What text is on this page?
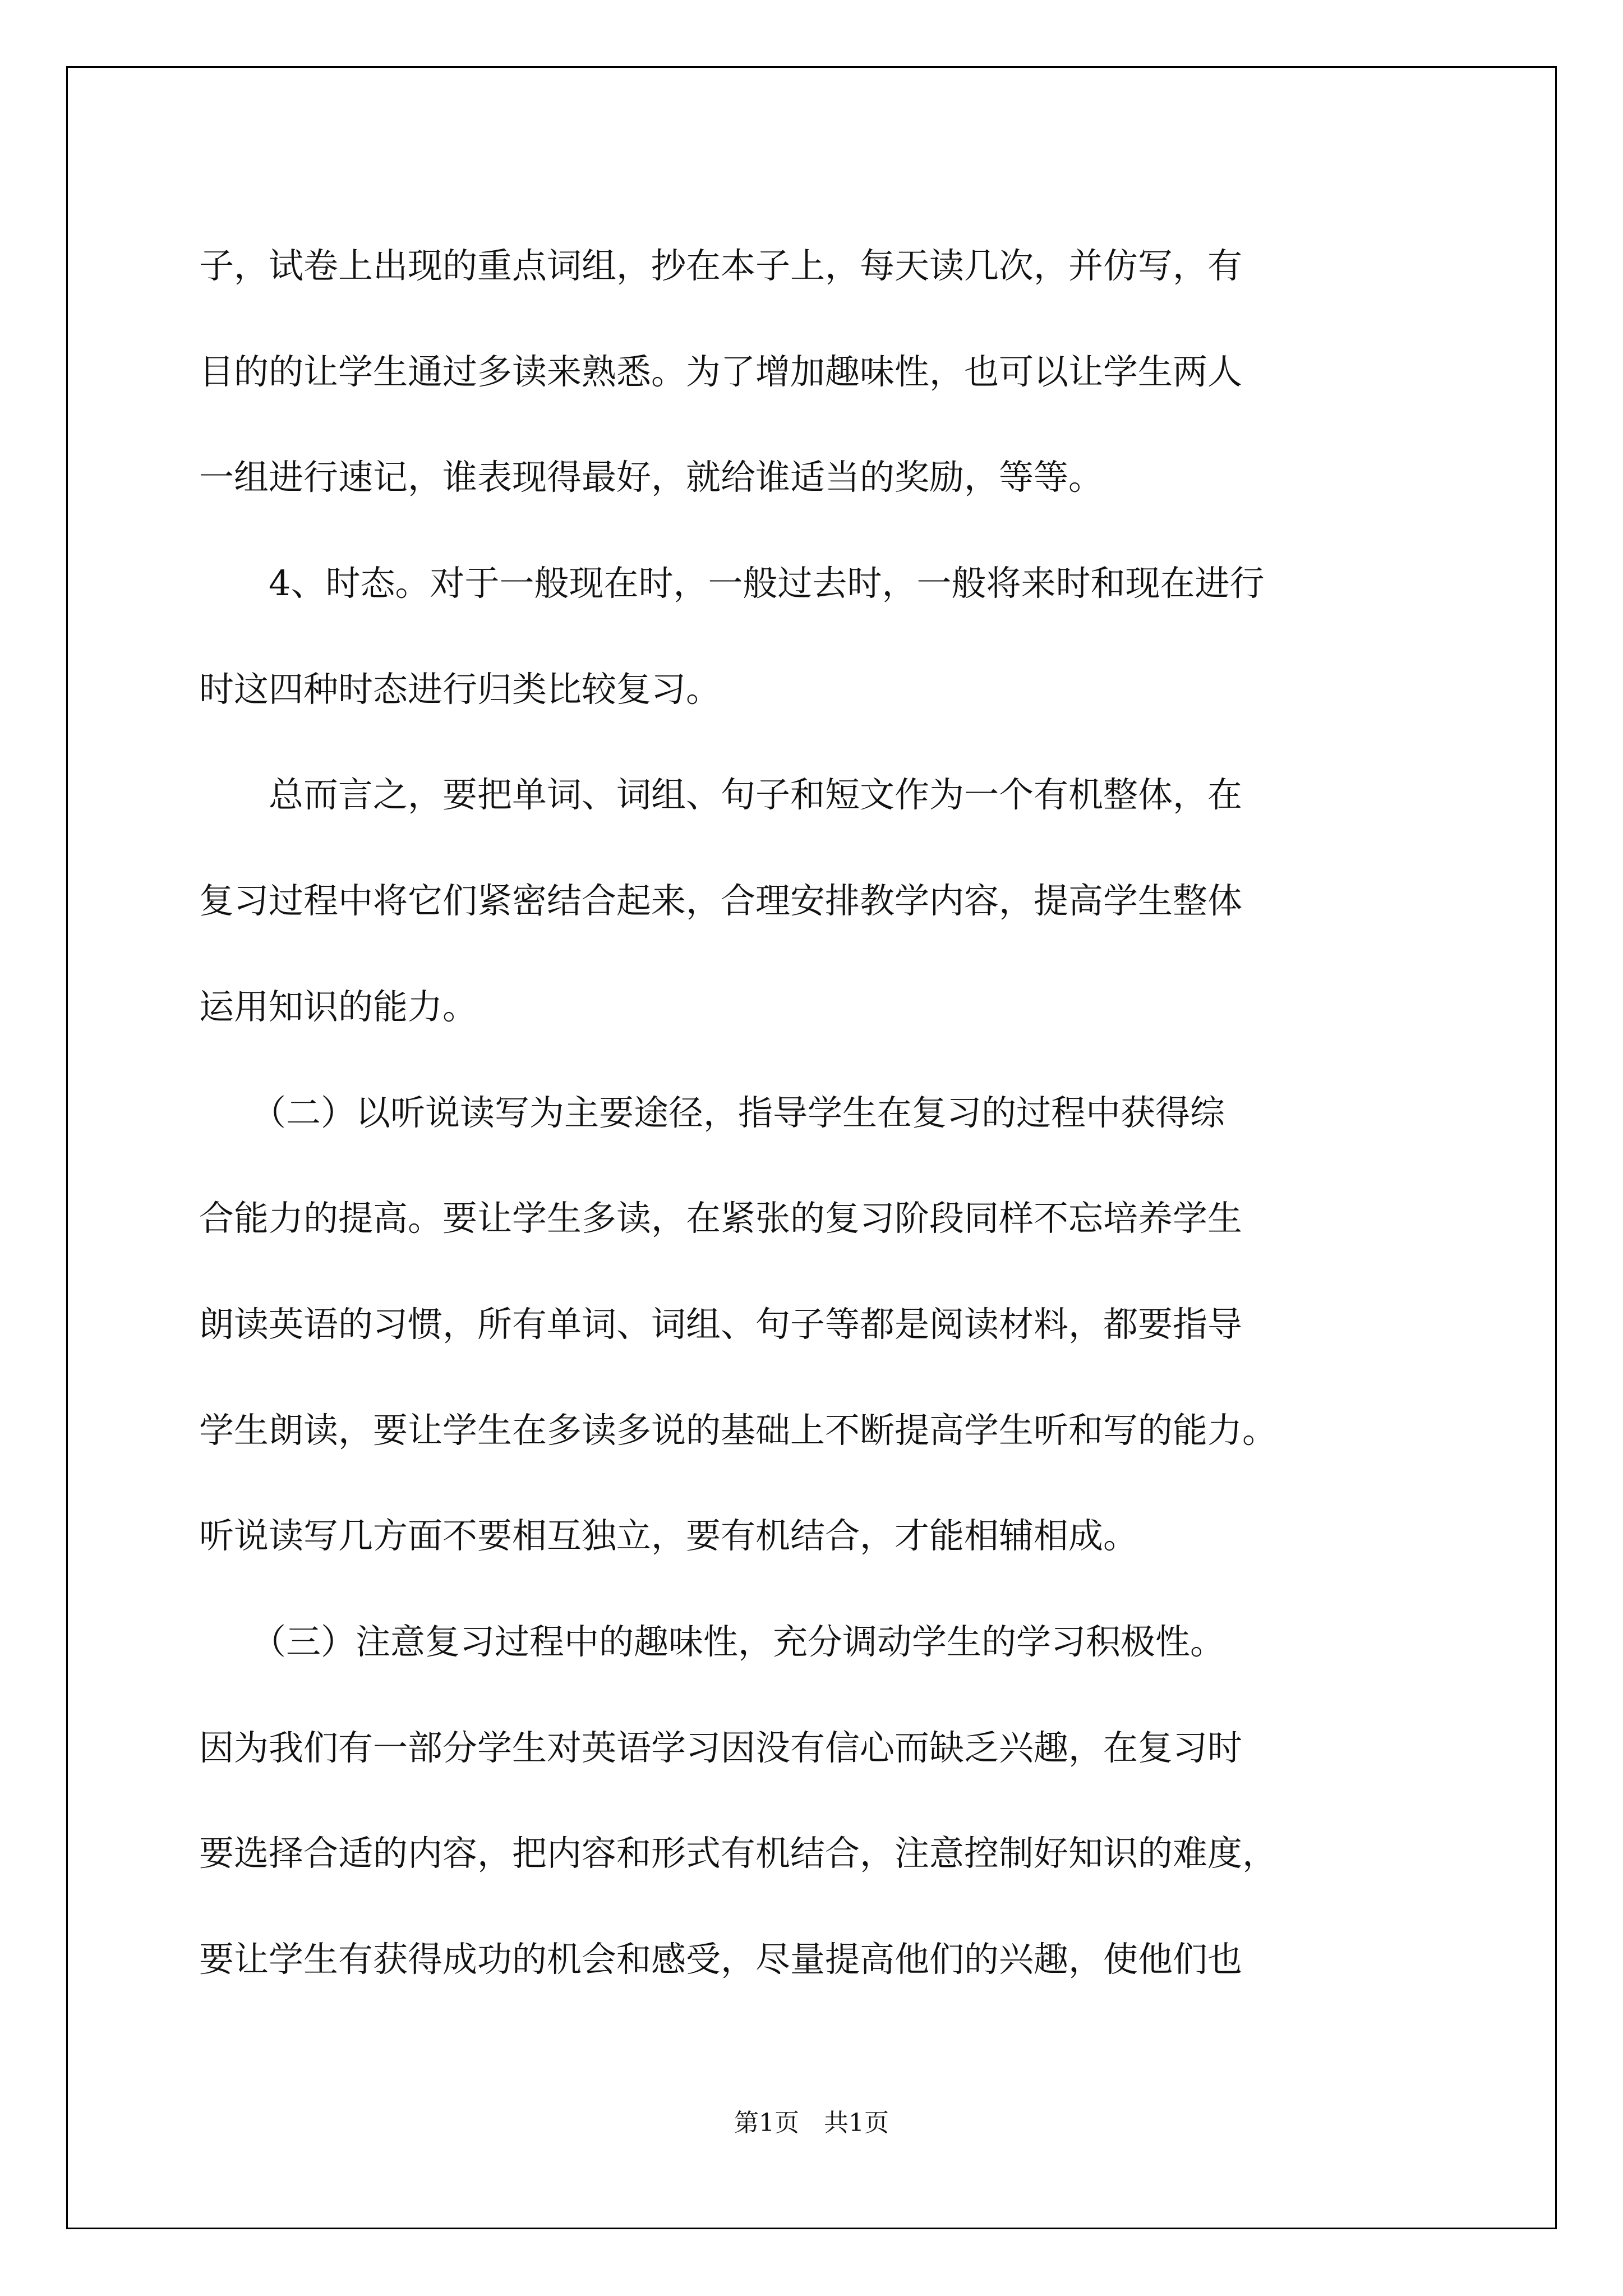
子，试卷上出现的重点词组，抄在本子上，每天读几次，并仿写，有
目的的让学生通过多读来熟悉。为了增加趣味性，也可以让学生两人
一组进行速记，谁表现得最好，就给谁适当的奖励，等等。
　　4、时态。对于一般现在时，一般过去时，一般将来时和现在进行
时这四种时态进行归类比较复习。
　　总而言之，要把单词、词组、句子和短文作为一个有机整体，在
复习过程中将它们紧密结合起来，合理安排教学内容，提高学生整体
运用知识的能力。
　　（二）以听说读写为主要途径，指导学生在复习的过程中获得综
合能力的提高。要让学生多读，在紧张的复习阶段同样不忘培养学生
朗读英语的习惯，所有单词、词组、句子等都是阅读材料，都要指导
学生朗读，要让学生在多读多说的基础上不断提高学生听和写的能力。
听说读写几方面不要相互独立，要有机结合，才能相辅相成。
　　（三）注意复习过程中的趣味性，充分调动学生的学习积极性。
因为我们有一部分学生对英语学习因没有信心而缺乏兴趣，在复习时
要选择合适的内容，把内容和形式有机结合，注意控制好知识的难度，
要让学生有获得成功的机会和感受，尽量提高他们的兴趣，使他们也
第1页　共1页
